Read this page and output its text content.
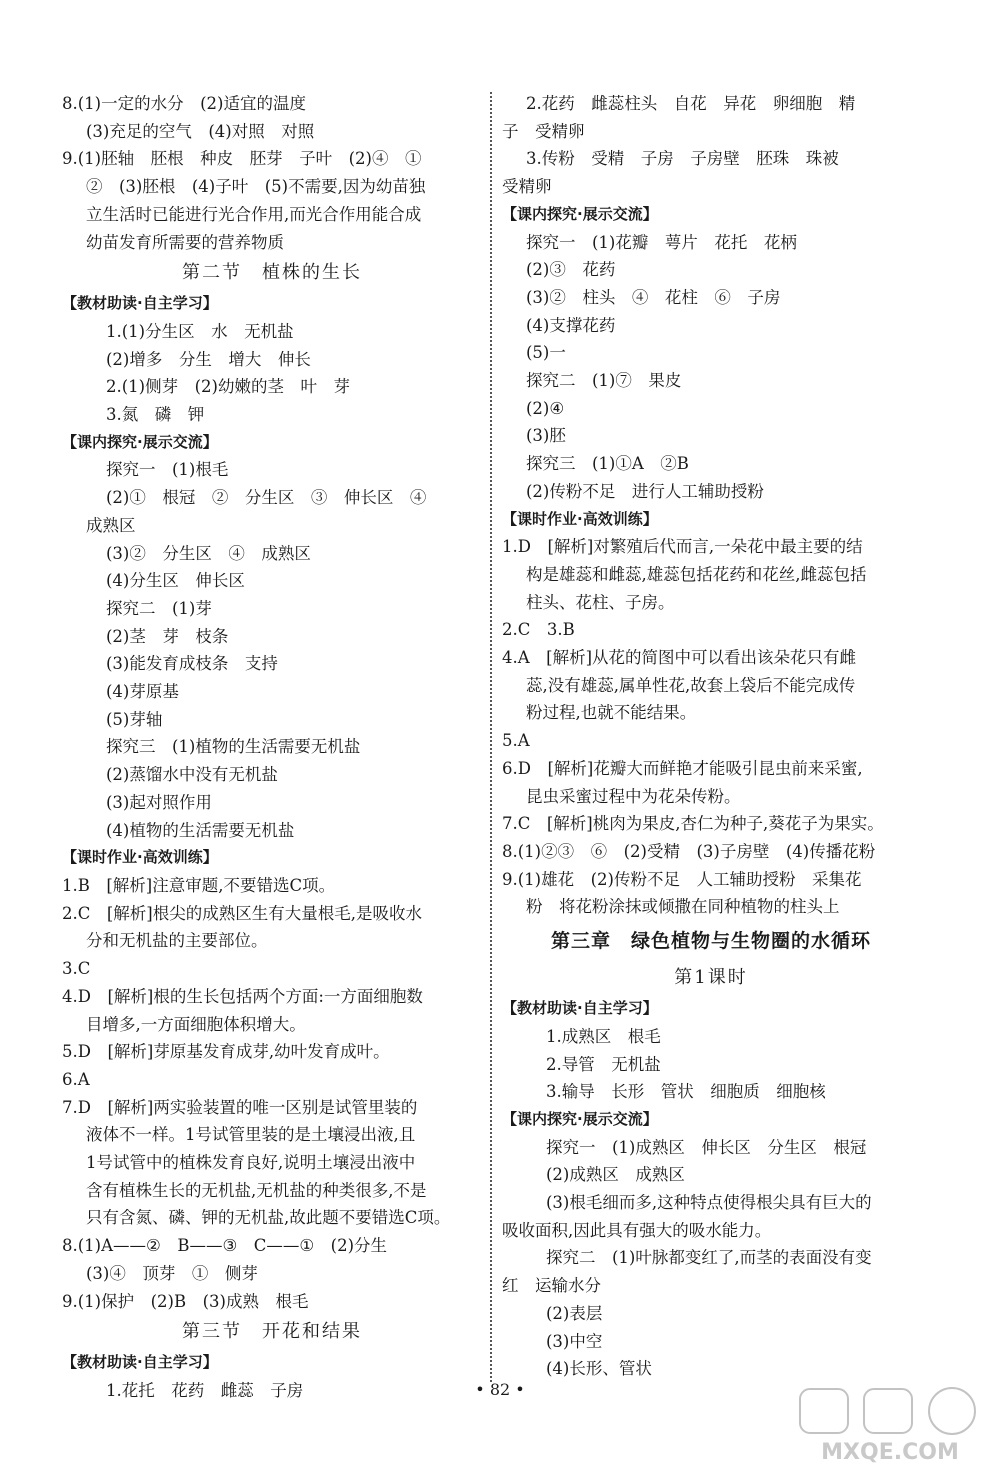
8.(1)一定的水分　(2)适宜的温度
(3)充足的空气　(4)对照　对照
9.(1)胚轴　胚根　种皮　胚芽　子叶　(2)④　①
②　(3)胚根　(4)子叶　(5)不需要,因为幼苗独
立生活时已能进行光合作用,而光合作用能合成
幼苗发育所需要的营养物质
第二节　植株的生长
【教材助读·自主学习】
1.(1)分生区　水　无机盐
(2)增多　分生　增大　伸长
2.(1)侧芽　(2)幼嫩的茎　叶　芽
3.氮　磷　钾
【课内探究·展示交流】
探究一　(1)根毛
(2)①　根冠　②　分生区　③　伸长区　④
成熟区
(3)②　分生区　④　成熟区
(4)分生区　伸长区
探究二　(1)芽
(2)茎　芽　枝条
(3)能发育成枝条　支持
(4)芽原基
(5)芽轴
探究三　(1)植物的生活需要无机盐
(2)蒸馏水中没有无机盐
(3)起对照作用
(4)植物的生活需要无机盐
【课时作业·高效训练】
1.B　[解析]注意审题,不要错选C项。
2.C　[解析]根尖的成熟区生有大量根毛,是吸收水
分和无机盐的主要部位。
3.C
4.D　[解析]根的生长包括两个方面:一方面细胞数
目增多,一方面细胞体积增大。
5.D　[解析]芽原基发育成芽,幼叶发育成叶。
6.A
7.D　[解析]两实验装置的唯一区别是试管里装的
液体不一样。1号试管里装的是土壤浸出液,且
1号试管中的植株发育良好,说明土壤浸出液中
含有植株生长的无机盐,无机盐的种类很多,不是
只有含氮、磷、钾的无机盐,故此题不要错选C项。
8.(1)A——②　B——③　C——①　(2)分生
(3)④　顶芽　①　侧芽
9.(1)保护　(2)B　(3)成熟　根毛
第三节　开花和结果
【教材助读·自主学习】
1.花托　花药　雌蕊　子房
2.花药　雌蕊柱头　自花　异花　卵细胞　精
子　受精卵
3.传粉　受精　子房　子房壁　胚珠　珠被
受精卵
【课内探究·展示交流】
探究一　(1)花瓣　萼片　花托　花柄
(2)③　花药
(3)②　柱头　④　花柱　⑥　子房
(4)支撑花药
(5)一
探究二　(1)⑦　果皮
(2)④
(3)胚
探究三　(1)①A　②B
(2)传粉不足　进行人工辅助授粉
【课时作业·高效训练】
1.D　[解析]对繁殖后代而言,一朵花中最主要的结
构是雄蕊和雌蕊,雄蕊包括花药和花丝,雌蕊包括
柱头、花柱、子房。
2.C　3.B
4.A　[解析]从花的简图中可以看出该朵花只有雌
蕊,没有雄蕊,属单性花,故套上袋后不能完成传
粉过程,也就不能结果。
5.A
6.D　[解析]花瓣大而鲜艳才能吸引昆虫前来采蜜,
昆虫采蜜过程中为花朵传粉。
7.C　[解析]桃肉为果皮,杏仁为种子,葵花子为果实。
8.(1)②③　⑥　(2)受精　(3)子房壁　(4)传播花粉
9.(1)雄花　(2)传粉不足　人工辅助授粉　采集花
粉　将花粉涂抹或倾撒在同种植物的柱头上
第三章　绿色植物与生物圈的水循环
第1课时
【教材助读·自主学习】
1.成熟区　根毛
2.导管　无机盐
3.输导　长形　管状　细胞质　细胞核
【课内探究·展示交流】
探究一　(1)成熟区　伸长区　分生区　根冠
(2)成熟区　成熟区
(3)根毛细而多,这种特点使得根尖具有巨大的
吸收面积,因此具有强大的吸水能力。
探究二　(1)叶脉都变红了,而茎的表面没有变
红　运输水分
(2)表层
(3)中空
(4)长形、管状
• 82 •
MXQE.COM
